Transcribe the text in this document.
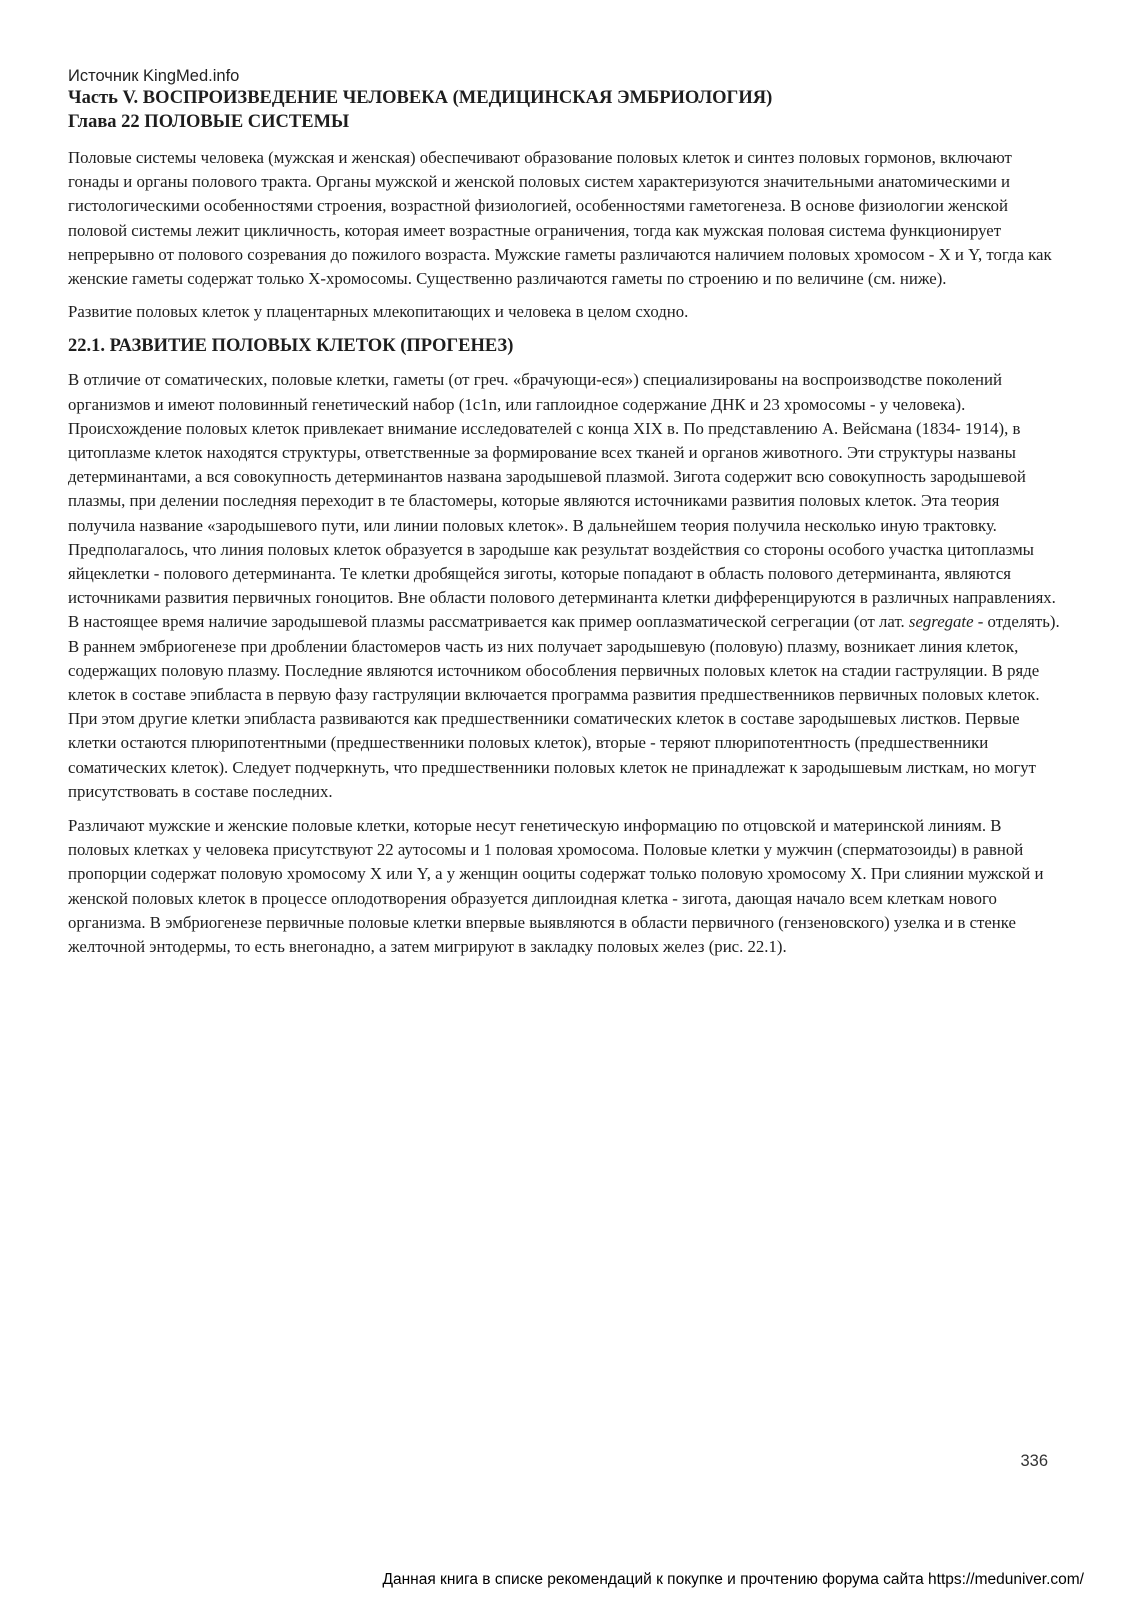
Источник KingMed.info

Часть V. ВОСПРОИЗВЕДЕНИЕ ЧЕЛОВЕКА (МЕДИЦИНСКАЯ ЭМБРИОЛОГИЯ)
Глава 22 ПОЛОВЫЕ СИСТЕМЫ

Половые системы человека (мужская и женская) обеспечивают образование половых клеток и синтез половых гормонов, включают гонады и органы полового тракта. Органы мужской и женской половых систем характеризуются значительными анатомическими и гистологическими особенностями строения, возрастной физиологией, особенностями гаметогенеза. В основе физиологии женской половой системы лежит цикличность, которая имеет возрастные ограничения, тогда как мужская половая система функционирует непрерывно от полового созревания до пожилого возраста. Мужские гаметы различаются наличием половых хромосом - X и Y, тогда как женские гаметы содержат только X-хромосомы. Существенно различаются гаметы по строению и по величине (см. ниже).

Развитие половых клеток у плацентарных млекопитающих и человека в целом сходно.

22.1. РАЗВИТИЕ ПОЛОВЫХ КЛЕТОК (ПРОГЕНЕЗ)

В отличие от соматических, половые клетки, гаметы (от греч. «брачующи-еся») специализированы на воспроизводстве поколений организмов и имеют половинный генетический набор (1c1n, или гаплоидное содержание ДНК и 23 хромосомы - у человека). Происхождение половых клеток привлекает внимание исследователей с конца XIX в. По представлению А. Вейсмана (1834- 1914), в цитоплазме клеток находятся структуры, ответственные за формирование всех тканей и органов животного. Эти структуры названы детерминантами, а вся совокупность детерминантов названа зародышевой плазмой. Зигота содержит всю совокупность зародышевой плазмы, при делении последняя переходит в те бластомеры, которые являются источниками развития половых клеток. Эта теория получила название «зародышевого пути, или линии половых клеток». В дальнейшем теория получила несколько иную трактовку. Предполагалось, что линия половых клеток образуется в зародыше как результат воздействия со стороны особого участка цитоплазмы яйцеклетки - полового детерминанта. Те клетки дробящейся зиготы, которые попадают в область полового детерминанта, являются источниками развития первичных гоноцитов. Вне области полового детерминанта клетки дифференцируются в различных направлениях. В настоящее время наличие зародышевой плазмы рассматривается как пример ооплазматической сегрегации (от лат. segregate - отделять). В раннем эмбриогенезе при дроблении бластомеров часть из них получает зародышевую (половую) плазму, возникает линия клеток, содержащих половую плазму. Последние являются источником обособления первичных половых клеток на стадии гаструляции. В ряде клеток в составе эпибласта в первую фазу гаструляции включается программа развития предшественников первичных половых клеток. При этом другие клетки эпибласта развиваются как предшественники соматических клеток в составе зародышевых листков. Первые клетки остаются плюрипотентными (предшественники половых клеток), вторые - теряют плюрипотентность (предшественники соматических клеток). Следует подчеркнуть, что предшественники половых клеток не принадлежат к зародышевым листкам, но могут присутствовать в составе последних.

Различают мужские и женские половые клетки, которые несут генетическую информацию по отцовской и материнской линиям. В половых клетках у человека присутствуют 22 аутосомы и 1 половая хромосома. Половые клетки у мужчин (сперматозоиды) в равной пропорции содержат половую хромосому X или Y, а у женщин ооциты содержат только половую хромосому X. При слиянии мужской и женской половых клеток в процессе оплодотворения образуется диплоидная клетка - зигота, дающая начало всем клеткам нового организма. В эмбриогенезе первичные половые клетки впервые выявляются в области первичного (гензеновского) узелка и в стенке желточной энтодермы, то есть внегонадно, а затем мигрируют в закладку половых желез (рис. 22.1).

336

Данная книга в списке рекомендаций к покупке и прочтению форума сайта https://meduniver.com/
